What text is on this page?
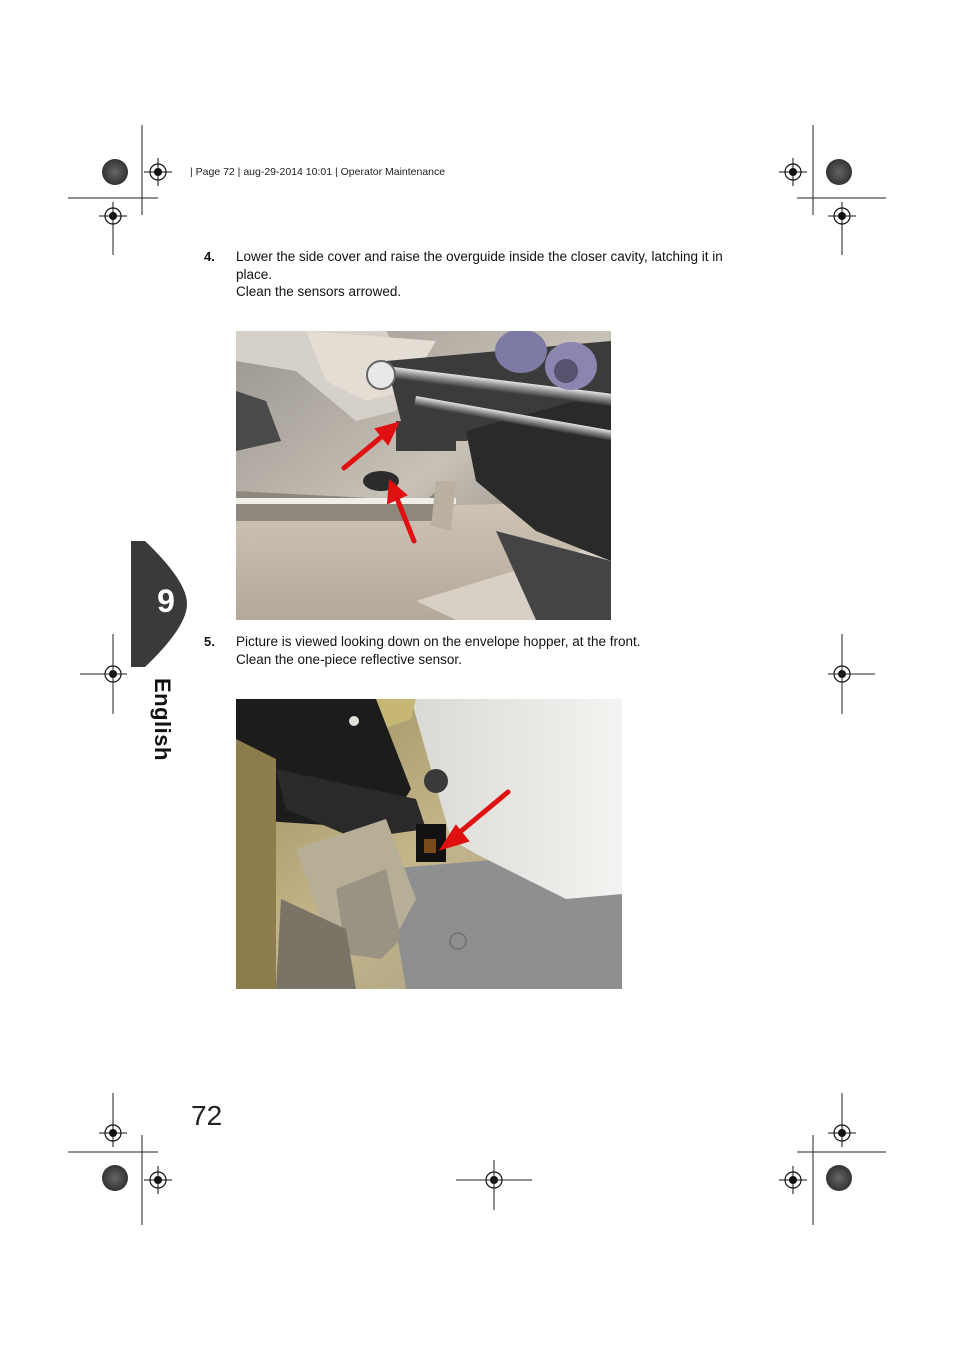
| Page 72 | aug-29-2014 10:01 | Operator Maintenance
4. Lower the side cover and raise the overguide inside the closer cavity, latching it in
place.
Clean the sensors arrowed.
5. Picture is viewed looking down on the envelope hopper, at the front.
Clean the one-piece reflective sensor.
9
English
72
